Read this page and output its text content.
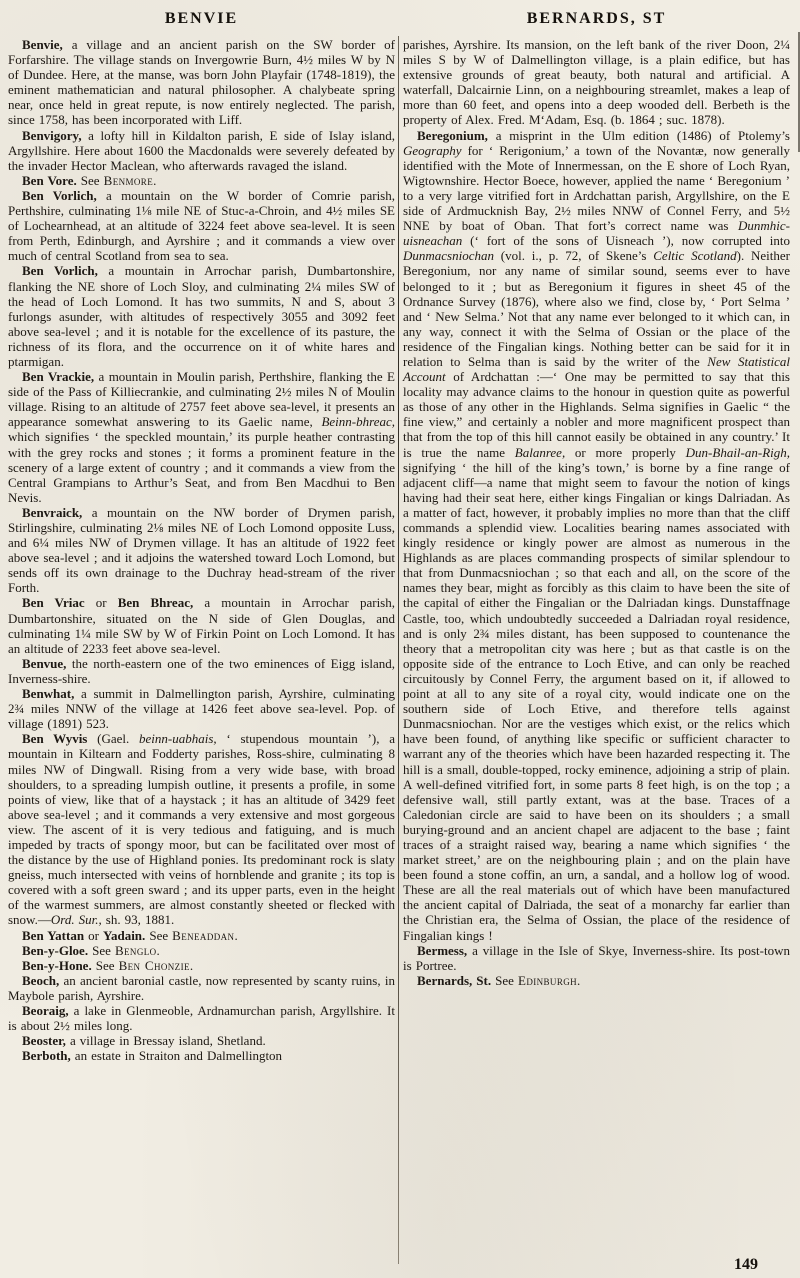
BENVIE

Benvie, a village and an ancient parish on the SW border of Forfarshire. The village stands on Invergowrie Burn, 4½ miles W by N of Dundee. Here, at the manse, was born John Playfair (1748-1819), the eminent mathematician and natural philosopher. A chalybeate spring near, once held in great repute, is now entirely neglected. The parish, since 1758, has been incorporated with Liff.

Benvigory, a lofty hill in Kildalton parish, E side of Islay island, Argyllshire. Here about 1600 the Macdonalds were severely defeated by the invader Hector Maclean, who afterwards ravaged the island.

Ben Vore. See Benmore.

Ben Vorlich, a mountain on the W border of Comrie parish, Perthshire, culminating 1⅛ mile NE of Stuc-a-Chroin, and 4½ miles SE of Lochearnhead, at an altitude of 3224 feet above sea-level. It is seen from Perth, Edinburgh, and Ayrshire ; and it commands a view over much of central Scotland from sea to sea.

Ben Vorlich, a mountain in Arrochar parish, Dumbartonshire, flanking the NE shore of Loch Sloy, and culminating 2¼ miles SW of the head of Loch Lomond. It has two summits, N and S, about 3 furlongs asunder, with altitudes of respectively 3055 and 3092 feet above sea-level ; and it is notable for the excellence of its pasture, the richness of its flora, and the occurrence on it of white hares and ptarmigan.

Ben Vrackie, a mountain in Moulin parish, Perthshire, flanking the E side of the Pass of Killiecrankie, and culminating 2½ miles N of Moulin village. Rising to an altitude of 2757 feet above sea-level, it presents an appearance somewhat answering to its Gaelic name, Beinn-bhreac, which signifies ‘ the speckled mountain,’ its purple heather contrasting with the grey rocks and stones ; it forms a prominent feature in the scenery of a large extent of country ; and it commands a view from the Central Grampians to Arthur’s Seat, and from Ben Macdhui to Ben Nevis.

Benvraick, a mountain on the NW border of Drymen parish, Stirlingshire, culminating 2⅛ miles NE of Loch Lomond opposite Luss, and 6¼ miles NW of Drymen village. It has an altitude of 1922 feet above sea-level ; and it adjoins the watershed toward Loch Lomond, but sends off its own drainage to the Duchray head-stream of the river Forth.

Ben Vriac or Ben Bhreac, a mountain in Arrochar parish, Dumbartonshire, situated on the N side of Glen Douglas, and culminating 1¼ mile SW by W of Firkin Point on Loch Lomond. It has an altitude of 2233 feet above sea-level.

Benvue, the north-eastern one of the two eminences of Eigg island, Inverness-shire.

Benwhat, a summit in Dalmellington parish, Ayrshire, culminating 2¾ miles NNW of the village at 1426 feet above sea-level. Pop. of village (1891) 523.

Ben Wyvis (Gael. beinn-uabhais, ‘ stupendous mountain ’), a mountain in Kiltearn and Fodderty parishes, Ross-shire, culminating 8 miles NW of Dingwall. Rising from a very wide base, with broad shoulders, to a spreading lumpish outline, it presents a profile, in some points of view, like that of a haystack ; it has an altitude of 3429 feet above sea-level ; and it commands a very extensive and most gorgeous view. The ascent of it is very tedious and fatiguing, and is much impeded by tracts of spongy moor, but can be facilitated over most of the distance by the use of Highland ponies. Its predominant rock is slaty gneiss, much intersected with veins of hornblende and granite ; its top is covered with a soft green sward ; and its upper parts, even in the height of the warmest summers, are almost constantly sheeted or flecked with snow.—Ord. Sur., sh. 93, 1881.

Ben Yattan or Yadain. See Beneaddan.

Ben-y-Gloe. See Benglo.

Ben-y-Hone. See Ben Chonzie.

Beoch, an ancient baronial castle, now represented by scanty ruins, in Maybole parish, Ayrshire.

Beoraig, a lake in Glenmeoble, Ardnamurchan parish, Argyllshire. It is about 2½ miles long.

Beoster, a village in Bressay island, Shetland.

Berboth, an estate in Straiton and Dalmellington

BERNARDS, ST

parishes, Ayrshire. Its mansion, on the left bank of the river Doon, 2¼ miles S by W of Dalmellington village, is a plain edifice, but has extensive grounds of great beauty, both natural and artificial. A waterfall, Dalcairnie Linn, on a neighbouring streamlet, makes a leap of more than 60 feet, and opens into a deep wooded dell. Berbeth is the property of Alex. Fred. M‘Adam, Esq. (b. 1864 ; suc. 1878).

Beregonium, a misprint in the Ulm edition (1486) of Ptolemy’s Geography for ‘ Rerigonium,’ a town of the Novantæ, now generally identified with the Mote of Innermessan, on the E shore of Loch Ryan, Wigtownshire. Hector Boece, however, applied the name ‘ Beregonium ’ to a very large vitrified fort in Ardchattan parish, Argyllshire, on the E side of Ardmucknish Bay, 2½ miles NNW of Connel Ferry, and 5½ NNE by boat of Oban. That fort’s correct name was Dunmhic-uisneachan (‘ fort of the sons of Uisneach ’), now corrupted into Dunmacsniochan (vol. i., p. 72, of Skene’s Celtic Scotland). Neither Beregonium, nor any name of similar sound, seems ever to have belonged to it ; but as Beregonium it figures in sheet 45 of the Ordnance Survey (1876), where also we find, close by, ‘ Port Selma ’ and ‘ New Selma.’ Not that any name ever belonged to it which can, in any way, connect it with the Selma of Ossian or the place of the residence of the Fingalian kings. Nothing better can be said for it in relation to Selma than is said by the writer of the New Statistical Account of Ardchattan :—‘ One may be permitted to say that this locality may advance claims to the honour in question quite as powerful as those of any other in the Highlands. Selma signifies in Gaelic “ the fine view,” and certainly a nobler and more magnificent prospect than that from the top of this hill cannot easily be obtained in any country.’ It is true the name Balanree, or more properly Dun-Bhail-an-Righ, signifying ‘ the hill of the king’s town,’ is borne by a fine range of adjacent cliff—a name that might seem to favour the notion of kings having had their seat here, either kings Fingalian or kings Dalriadan. As a matter of fact, however, it probably implies no more than that the cliff commands a splendid view. Localities bearing names associated with kingly residence or kingly power are almost as numerous in the Highlands as are places commanding prospects of similar splendour to that from Dunmacsniochan ; so that each and all, on the score of the names they bear, might as forcibly as this claim to have been the site of the capital of either the Fingalian or the Dalriadan kings. Dunstaffnage Castle, too, which undoubtedly succeeded a Dalriadan royal residence, and is only 2¾ miles distant, has been supposed to countenance the theory that a metropolitan city was here ; but as that castle is on the opposite side of the entrance to Loch Etive, and can only be reached circuitously by Connel Ferry, the argument based on it, if allowed to point at all to any site of a royal city, would indicate one on the southern side of Loch Etive, and therefore tells against Dunmacsniochan. Nor are the vestiges which exist, or the relics which have been found, of anything like specific or sufficient character to warrant any of the theories which have been hazarded respecting it. The hill is a small, double-topped, rocky eminence, adjoining a strip of plain. A well-defined vitrified fort, in some parts 8 feet high, is on the top ; a defensive wall, still partly extant, was at the base. Traces of a Caledonian circle are said to have been on its shoulders ; a small burying-ground and an ancient chapel are adjacent to the base ; faint traces of a straight raised way, bearing a name which signifies ‘ the market street,’ are on the neighbouring plain ; and on the plain have been found a stone coffin, an urn, a sandal, and a hollow log of wood. These are all the real materials out of which have been manufactured the ancient capital of Dalriada, the seat of a monarchy far earlier than the Christian era, the Selma of Ossian, the place of the residence of Fingalian kings !

Bermess, a village in the Isle of Skye, Inverness-shire. Its post-town is Portree.

Bernards, St. See Edinburgh.

149
